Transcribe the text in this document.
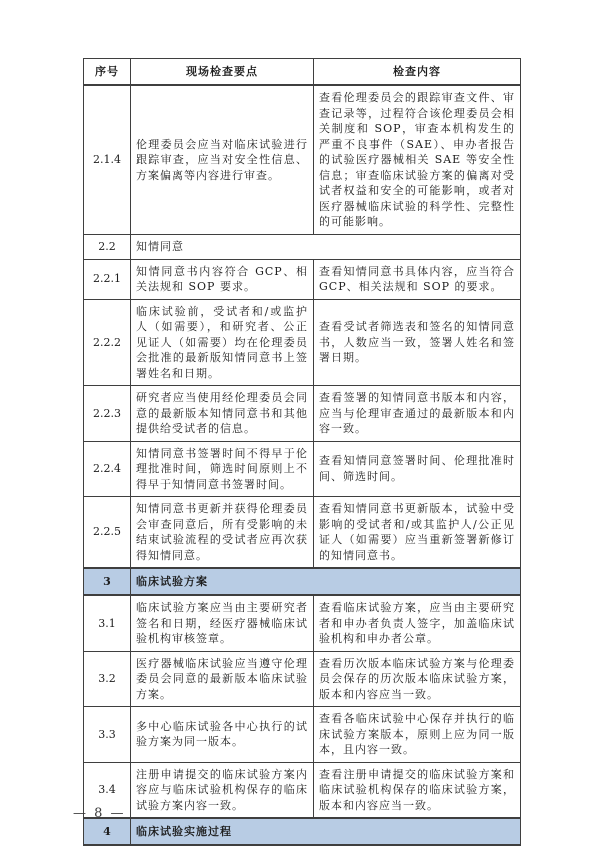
序号	现场检查要点	检查内容
2.1.4	伦理委员会应当对临床试验进行跟踪审查，应当对安全性信息、方案偏离等内容进行审查。	查看伦理委员会的跟踪审查文件、审查记录等，过程符合该伦理委员会相关制度和 SOP，审查本机构发生的严重不良事件（SAE）、申办者报告的试验医疗器械相关 SAE 等安全性信息；审查临床试验方案的偏离对受试者权益和安全的可能影响，或者对医疗器械临床试验的科学性、完整性的可能影响。
2.2	知情同意	
2.2.1	知情同意书内容符合 GCP、相关法规和 SOP 要求。	查看知情同意书具体内容，应当符合 GCP、相关法规和 SOP 的要求。
2.2.2	临床试验前，受试者和/或监护人（如需要），和研究者、公正见证人（如需要）均在伦理委员会批准的最新版知情同意书上签署姓名和日期。	查看受试者筛选表和签名的知情同意书，人数应当一致，签署人姓名和签署日期。
2.2.3	研究者应当使用经伦理委员会同意的最新版本知情同意书和其他提供给受试者的信息。	查看签署的知情同意书版本和内容，应当与伦理审查通过的最新版本和内容一致。
2.2.4	知情同意书签署时间不得早于伦理批准时间，筛选时间原则上不得早于知情同意书签署时间。	查看知情同意签署时间、伦理批准时间、筛选时间。
2.2.5	知情同意书更新并获得伦理委员会审查同意后，所有受影响的未结束试验流程的受试者应再次获得知情同意。	查看知情同意书更新版本，试验中受影响的受试者和/或其监护人/公正见证人（如需要）应当重新签署新修订的知情同意书。
3	临床试验方案	
3.1	临床试验方案应当由主要研究者签名和日期，经医疗器械临床试验机构审核签章。	查看临床试验方案，应当由主要研究者和申办者负责人签字，加盖临床试验机构和申办者公章。
3.2	医疗器械临床试验应当遵守伦理委员会同意的最新版本临床试验方案。	查看历次版本临床试验方案与伦理委员会保存的历次版本临床试验方案，版本和内容应当一致。
3.3	多中心临床试验各中心执行的试验方案为同一版本。	查看各临床试验中心保存并执行的临床试验方案版本，原则上应为同一版本，且内容一致。
3.4	注册申请提交的临床试验方案内容应与临床试验机构保存的临床试验方案内容一致。	查看注册申请提交的临床试验方案和临床试验机构保存的临床试验方案，版本和内容应当一致。
4	临床试验实施过程	
— 8 —
